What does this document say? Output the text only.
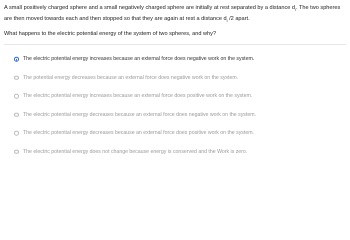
A small positively charged sphere and a small negatively charged sphere are initially at rest separated by a distance $d_i$. The two spheres
are then moved towards each and then stopped so that they are again at rest a distance $d_i$ /2 apart.

What happens to the electric potential energy of the system of two spheres, and why?

The electric potential energy increases because an external force does negative work on the system.
The potential energy decreases because an external force does negative work on the system.
The electric potential energy increases because an external force does positive work on the system.
The electric potential energy decreases because an external force does negative work on the system.
The electric potential energy decreases because an external force does positive work on the system.
The electric potential energy does not change because energy is conserved and the Work is zero.
